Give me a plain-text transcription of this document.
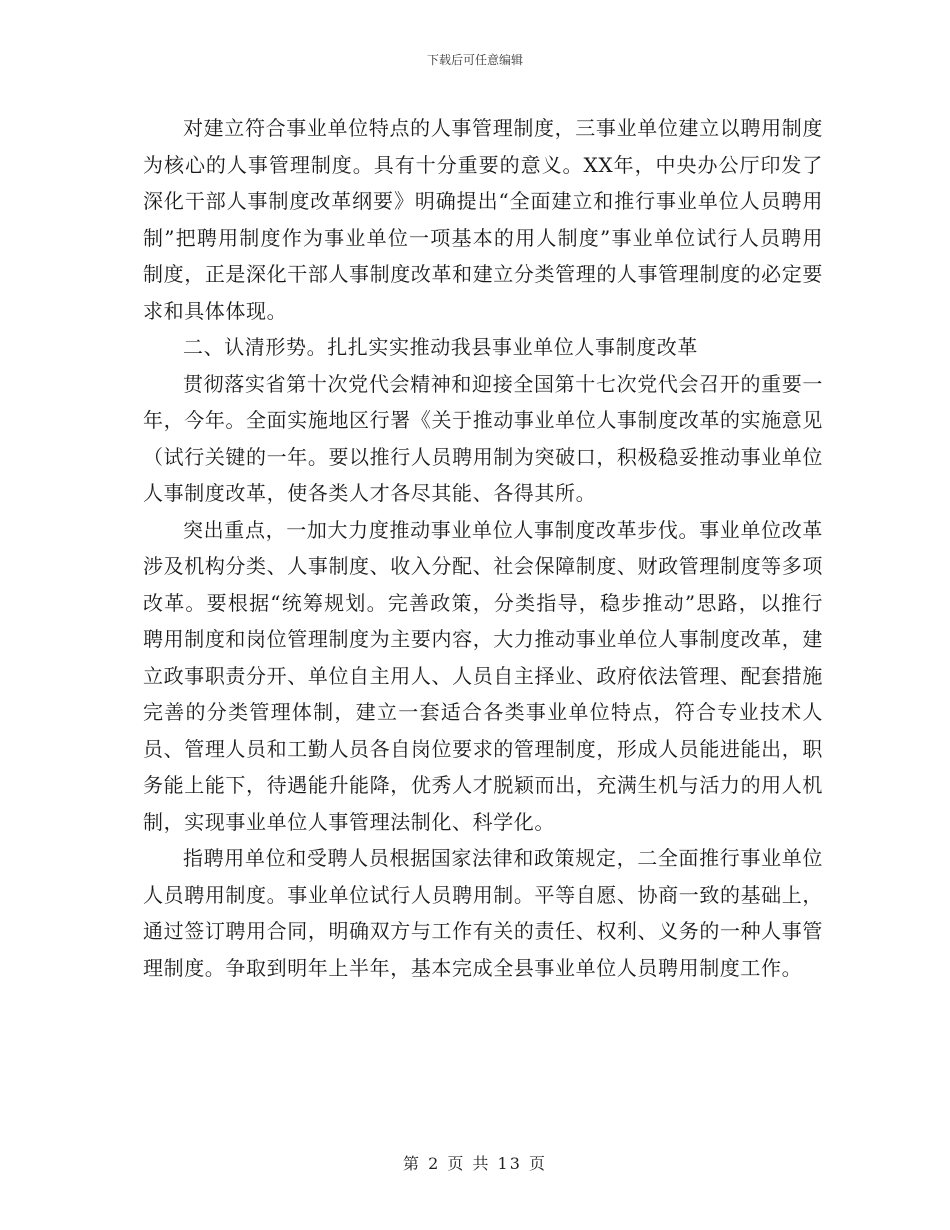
下载后可任意编辑

对建立符合事业单位特点的人事管理制度，三事业单位建立以聘用制度为核心的人事管理制度。具有十分重要的意义。XX年，中央办公厅印发了深化干部人事制度改革纲要》明确提出“全面建立和推行事业单位人员聘用制”把聘用制度作为事业单位一项基本的用人制度”事业单位试行人员聘用制度，正是深化干部人事制度改革和建立分类管理的人事管理制度的必定要求和具体体现。

二、认清形势。扎扎实实推动我县事业单位人事制度改革

贯彻落实省第十次党代会精神和迎接全国第十七次党代会召开的重要一年，今年。全面实施地区行署《关于推动事业单位人事制度改革的实施意见（试行关键的一年。要以推行人员聘用制为突破口，积极稳妥推动事业单位人事制度改革，使各类人才各尽其能、各得其所。

突出重点，一加大力度推动事业单位人事制度改革步伐。事业单位改革涉及机构分类、人事制度、收入分配、社会保障制度、财政管理制度等多项改革。要根据“统筹规划。完善政策，分类指导，稳步推动”思路，以推行聘用制度和岗位管理制度为主要内容，大力推动事业单位人事制度改革，建立政事职责分开、单位自主用人、人员自主择业、政府依法管理、配套措施完善的分类管理体制，建立一套适合各类事业单位特点，符合专业技术人员、管理人员和工勤人员各自岗位要求的管理制度，形成人员能进能出，职务能上能下，待遇能升能降，优秀人才脱颖而出，充满生机与活力的用人机制，实现事业单位人事管理法制化、科学化。

指聘用单位和受聘人员根据国家法律和政策规定，二全面推行事业单位人员聘用制度。事业单位试行人员聘用制。平等自愿、协商一致的基础上，通过签订聘用合同，明确双方与工作有关的责任、权利、义务的一种人事管理制度。争取到明年上半年，基本完成全县事业单位人员聘用制度工作。

第 2 页 共 13 页
